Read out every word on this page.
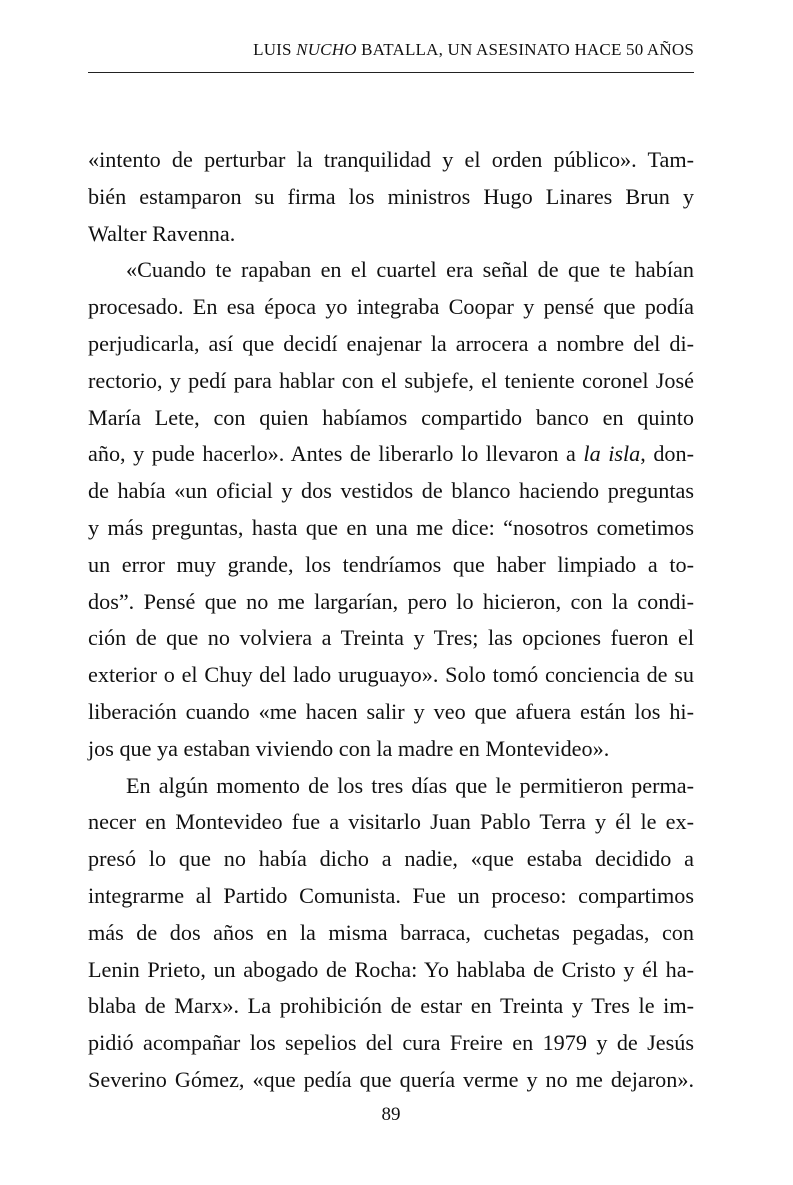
LUIS NUCHO BATALLA, UN ASESINATO HACE 50 AÑOS
«intento de perturbar la tranquilidad y el orden público». Tam-
bién estamparon su firma los ministros Hugo Linares Brun y
Walter Ravenna.
«Cuando te rapaban en el cuartel era señal de que te habían
procesado. En esa época yo integraba Coopar y pensé que podía
perjudicarla, así que decidí enajenar la arrocera a nombre del di-
rectorio, y pedí para hablar con el subjefe, el teniente coronel José
María Lete, con quien habíamos compartido banco en quinto
año, y pude hacerlo». Antes de liberarlo lo llevaron a la isla, don-
de había «un oficial y dos vestidos de blanco haciendo preguntas
y más preguntas, hasta que en una me dice: “nosotros cometimos
un error muy grande, los tendríamos que haber limpiado a to-
dos”. Pensé que no me largarían, pero lo hicieron, con la condi-
ción de que no volviera a Treinta y Tres; las opciones fueron el
exterior o el Chuy del lado uruguayo». Solo tomó conciencia de su
liberación cuando «me hacen salir y veo que afuera están los hi-
jos que ya estaban viviendo con la madre en Montevideo».
En algún momento de los tres días que le permitieron perma-
necer en Montevideo fue a visitarlo Juan Pablo Terra y él le ex-
presó lo que no había dicho a nadie, «que estaba decidido a
integrarme al Partido Comunista. Fue un proceso: compartimos
más de dos años en la misma barraca, cuchetas pegadas, con
Lenin Prieto, un abogado de Rocha: Yo hablaba de Cristo y él ha-
blaba de Marx». La prohibición de estar en Treinta y Tres le im-
pidió acompañar los sepelios del cura Freire en 1979 y de Jesús
Severino Gómez, «que pedía que quería verme y no me dejaron».
89
